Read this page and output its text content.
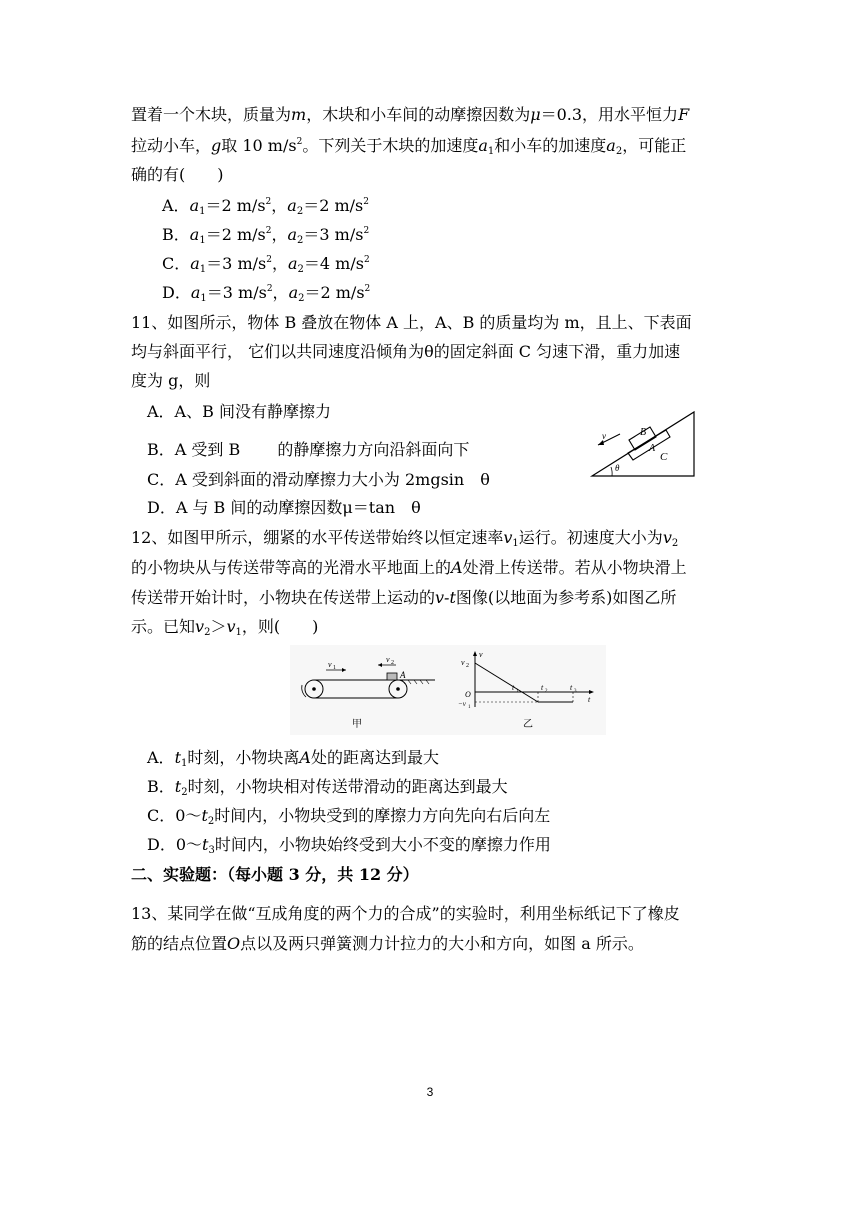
置着一个木块，质量为m，木块和小车间的动摩擦因数为μ＝0.3，用水平恒力F
拉动小车，g取 10 $m/s^2$。下列关于木块的加速度$a_1$和小车的加速度$a_2$，可能正
确的有(　　)
A．$a_1=2$ $m/s^2$，$a_2=2$ $m/s^2$
B．$a_1=2$ $m/s^2$，$a_2=3$ $m/s^2$
C．$a_1=3$ $m/s^2$，$a_2=4$ $m/s^2$
D．$a_1=3$ $m/s^2$，$a_2=2$ $m/s^2$
11、如图所示，物体 B 叠放在物体 A 上，A、B 的质量均为 m，且上、下表面
均与斜面平行， 它们以共同速度沿倾角为θ的固定斜面 C 匀速下滑，重力加速
度为 g，则
A．A、B 间没有静摩擦力
B．A 受到 B　　 的静摩擦力方向沿斜面向下
C．A 受到斜面的滑动摩擦力大小为 2mgsin　θ
D．A 与 B 间的动摩擦因数μ＝tan　θ
B
A
C
v
θ
12、如图甲所示，绷紧的水平传送带始终以恒定速率$v_1$运行。初速度大小为$v_2$
的小物块从与传送带等高的光滑水平地面上的A处滑上传送带。若从小物块滑上
传送带开始计时，小物块在传送带上运动的v-t图像(以地面为参考系)如图乙所
示。已知$v_2>v_1$，则(　　)
A
v 1
v 2
甲
v
t
v 2
O
−v 1
t 1	t 2	t 3
乙
A．$t_1$时刻，小物块离A处的距离达到最大
B．$t_2$时刻，小物块相对传送带滑动的距离达到最大
C．$0\sim t_2$时间内，小物块受到的摩擦力方向先向右后向左
D．$0\sim t_3$时间内，小物块始终受到大小不变的摩擦力作用
二、实验题：（每小题 3 分，共 12 分）
13、某同学在做“互成角度的两个力的合成”的实验时，利用坐标纸记下了橡皮
筋的结点位置O点以及两只弹簧测力计拉力的大小和方向，如图 a 所示。
3
